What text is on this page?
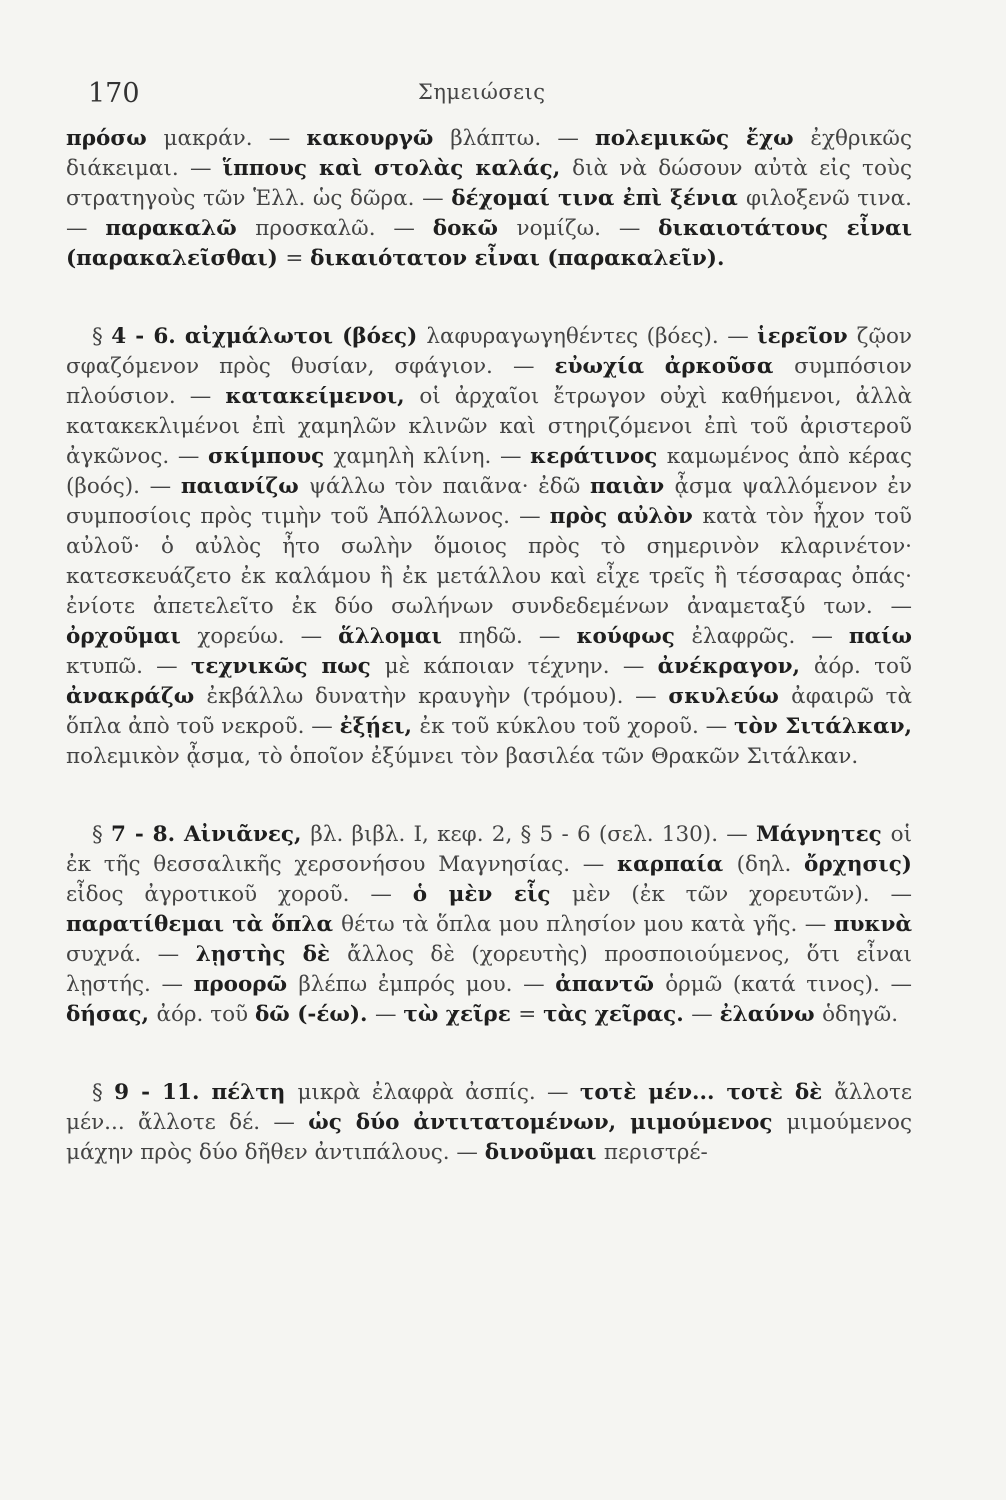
170	Σημειώσεις

πρόσω μακράν. — κακουργῶ βλάπτω. — πολεμικῶς ἔχω ἐχθρικῶς διάκειμαι. — ἵππους καὶ στολὰς καλάς, διὰ νὰ δώσουν αὐτὰ εἰς τοὺς στρατηγοὺς τῶν Ἑλλ. ὡς δῶρα. — δέχομαί τινα ἐπὶ ξένια φιλοξενῶ τινα. — παρακαλῶ προσκαλῶ. — δοκῶ νομίζω. — δικαιοτάτους εἶναι (παρακαλεῖσθαι) = δικαιότατον εἶναι (παρακαλεῖν).

§ 4 - 6. αἰχμάλωτοι (βόες) λαφυραγωγηθέντες (βόες). — ἱερεῖον ζῷον σφαζόμενον πρὸς θυσίαν, σφάγιον. — εὐωχία ἀρκοῦσα συμπόσιον πλούσιον. — κατακείμενοι, οἱ ἀρχαῖοι ἔτρωγον οὐχὶ καθήμενοι, ἀλλὰ κατακεκλιμένοι ἐπὶ χαμηλῶν κλινῶν καὶ στηριζόμενοι ἐπὶ τοῦ ἀριστεροῦ ἀγκῶνος. — σκίμπους χαμηλὴ κλίνη. — κεράτινος καμωμένος ἀπὸ κέρας (βοός). — παιανίζω ψάλλω τὸν παιᾶνα· ἐδῶ παιὰν ᾆσμα ψαλλόμενον ἐν συμποσίοις πρὸς τιμὴν τοῦ Ἀπόλλωνος. — πρὸς αὐλὸν κατὰ τὸν ἦχον τοῦ αὐλοῦ· ὁ αὐλὸς ἦτο σωλὴν ὅμοιος πρὸς τὸ σημερινὸν κλαρινέτον· κατεσκευάζετο ἐκ καλάμου ἢ ἐκ μετάλλου καὶ εἶχε τρεῖς ἢ τέσσαρας ὀπάς· ἐνίοτε ἀπετελεῖτο ἐκ δύο σωλήνων συνδεδεμένων ἀναμεταξύ των. — ὀρχοῦμαι χορεύω. — ἅλλομαι πηδῶ. — κούφως ἐλαφρῶς. — παίω κτυπῶ. — τεχνικῶς πως μὲ κάποιαν τέχνην. — ἀνέκραγον, ἀόρ. τοῦ ἀνακράζω ἐκβάλλω δυνατὴν κραυγὴν (τρόμου). — σκυλεύω ἀφαιρῶ τὰ ὅπλα ἀπὸ τοῦ νεκροῦ. — ἐξῄει, ἐκ τοῦ κύκλου τοῦ χοροῦ. — τὸν Σιτάλκαν, πολεμικὸν ᾆσμα, τὸ ὁποῖον ἐξύμνει τὸν βασιλέα τῶν Θρακῶν Σιτάλκαν.

§ 7 - 8. Αἰνιᾶνες, βλ. βιβλ. I, κεφ. 2, § 5 - 6 (σελ. 130). — Μάγνητες οἱ ἐκ τῆς θεσσαλικῆς χερσονήσου Μαγνησίας. — καρπαία (δηλ. ὄρχησις) εἶδος ἀγροτικοῦ χοροῦ. — ὁ μὲν εἷς μὲν (ἐκ τῶν χορευτῶν). — παρατίθεμαι τὰ ὅπλα θέτω τὰ ὅπλα μου πλησίον μου κατὰ γῆς. — πυκνὰ συχνά. — λῃστὴς δὲ ἄλλος δὲ (χορευτὴς) προσποιούμενος, ὅτι εἶναι λῃστής. — προορῶ βλέπω ἐμπρός μου. — ἀπαντῶ ὁρμῶ (κατά τινος). — δήσας, ἀόρ. τοῦ δῶ (-έω). — τὼ χεῖρε = τὰς χεῖρας. — ἐλαύνω ὁδηγῶ.

§ 9 - 11. πέλτη μικρὰ ἐλαφρὰ ἀσπίς. — τοτὲ μέν... τοτὲ δὲ ἄλλοτε μέν... ἄλλοτε δέ. — ὡς δύο ἀντιτατομένων, μιμούμενος μιμούμενος μάχην πρὸς δύο δῆθεν ἀντιπάλους. — δινοῦμαι περιστρέ-
